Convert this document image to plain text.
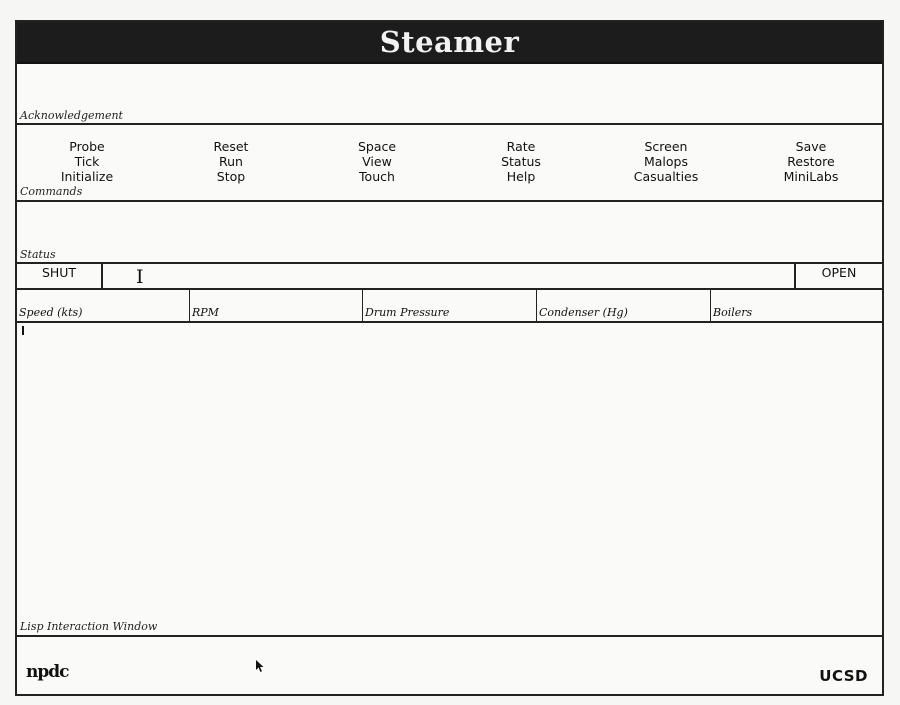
Steamer
Acknowledgement
Probe
Tick
Initialize
Reset
Run
Stop
Space
View
Touch
Rate
Status
Help
Screen
Malops
Casualties
Save
Restore
MiniLabs
Commands
Status
SHUT	I	OPEN
Speed (kts)	RPM	Drum Pressure	Condenser (Hg)	Boilers
Lisp Interaction Window
npdc	UCSD
